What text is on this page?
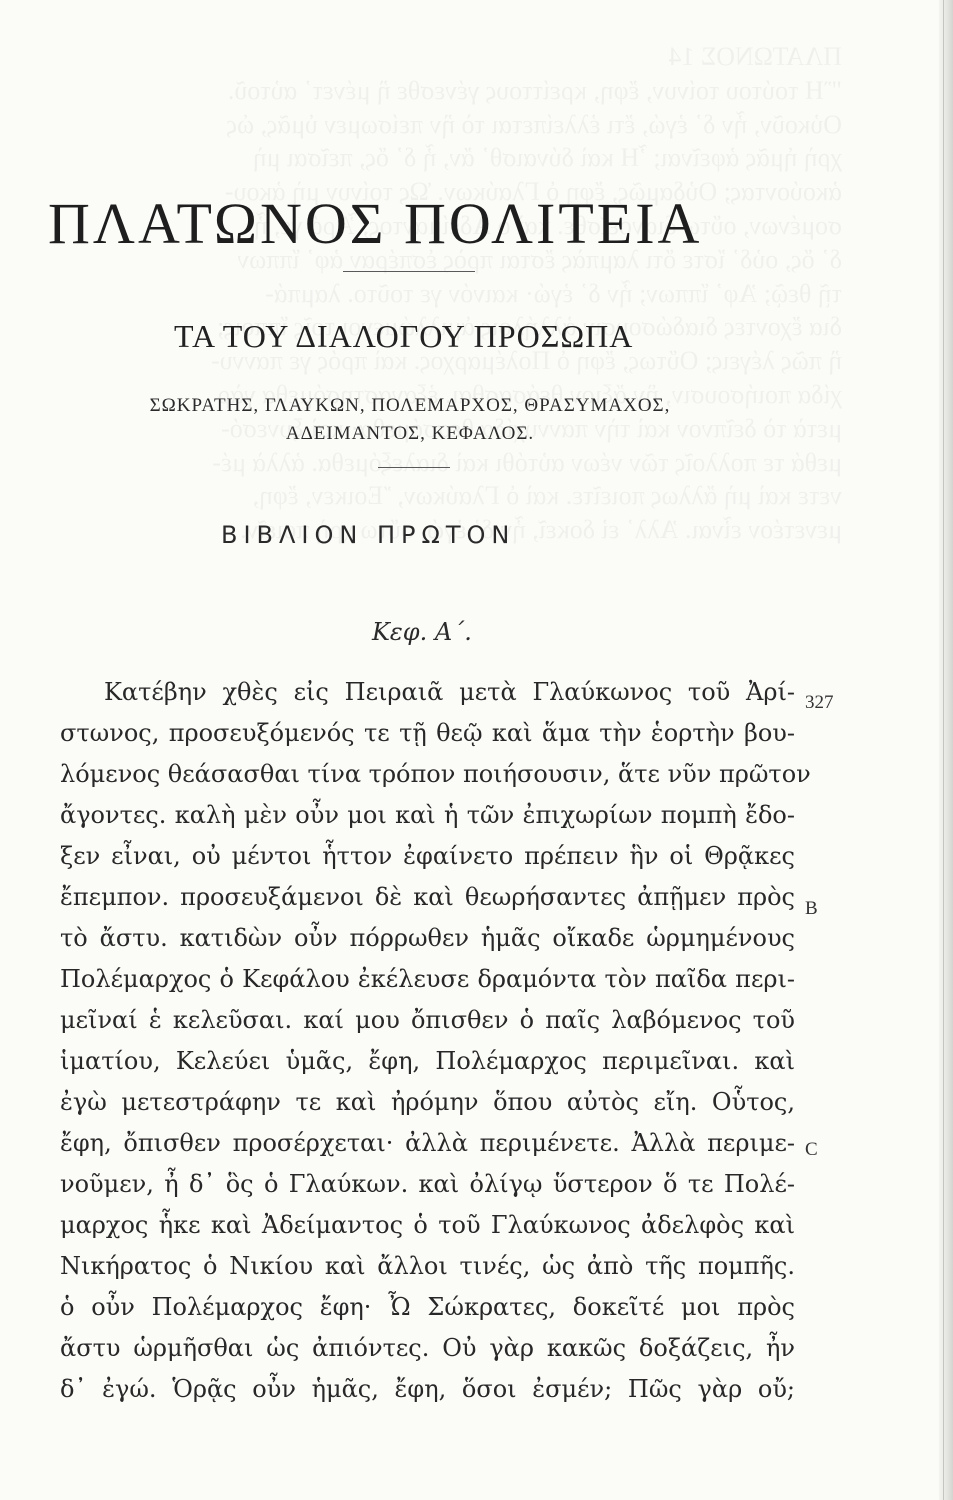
ΠΛΑΤΩΝΟΣ ΠΟΛΙΤΕΙΑ
ΤΑ ΤΟΥ ΔΙΑΛΟΓΟΥ ΠΡΟΣΩΠΑ
ΣΩΚΡΑΤΗΣ, ΓΛΑΥΚΩΝ, ΠΟΛΕΜΑΡΧΟΣ, ΘΡΑΣΥΜΑΧΟΣ,
ΑΔΕΙΜΑΝΤΟΣ, ΚΕΦΑΛΟΣ.
ΒΙΒΛΙΟΝ ΠΡΩΤΟΝ
Κεφ. Α΄.
Κατέβην χθὲς εἰς Πειραιᾶ μετὰ Γλαύκωνος τοῦ Ἀρί-
στωνος, προσευξόμενός τε τῇ θεῷ καὶ ἅμα τὴν ἑορτὴν βου-
λόμενος θεάσασθαι τίνα τρόπον ποιήσουσιν, ἅτε νῦν πρῶτον
ἄγοντες. καλὴ μὲν οὖν μοι καὶ ἡ τῶν ἐπιχωρίων πομπὴ ἔδο-
ξεν εἶναι, οὐ μέντοι ἧττον ἐφαίνετο πρέπειν ἣν οἱ Θρᾷκες
ἔπεμπον. προσευξάμενοι δὲ καὶ θεωρήσαντες ἀπῇμεν πρὸς
τὸ ἄστυ. κατιδὼν οὖν πόρρωθεν ἡμᾶς οἴκαδε ὡρμημένους
Πολέμαρχος ὁ Κεφάλου ἐκέλευσε δραμόντα τὸν παῖδα περι-
μεῖναί ἑ κελεῦσαι. καί μου ὄπισθεν ὁ παῖς λαβόμενος τοῦ
ἱματίου, Κελεύει ὑμᾶς, ἔφη, Πολέμαρχος περιμεῖναι. καὶ
ἐγὼ μετεστράφην τε καὶ ἠρόμην ὅπου αὐτὸς εἴη. Οὗτος,
ἔφη, ὄπισθεν προσέρχεται· ἀλλὰ περιμένετε. Ἀλλὰ περιμε-
νοῦμεν, ἦ δ᾽ ὃς ὁ Γλαύκων. καὶ ὀλίγῳ ὕστερον ὅ τε Πολέ-
μαρχος ἧκε καὶ Ἀδείμαντος ὁ τοῦ Γλαύκωνος ἀδελφὸς καὶ
Νικήρατος ὁ Νικίου καὶ ἄλλοι τινές, ὡς ἀπὸ τῆς πομπῆς.
ὁ οὖν Πολέμαρχος ἔφη· Ὦ Σώκρατες, δοκεῖτέ μοι πρὸς
ἄστυ ὡρμῆσθαι ὡς ἀπιόντες. Οὐ γὰρ κακῶς δοξάζεις, ἦν
δ᾽ ἐγώ. Ὁρᾷς οὖν ἡμᾶς, ἔφη, ὅσοι ἐσμέν; Πῶς γὰρ οὔ;
327
B
C
